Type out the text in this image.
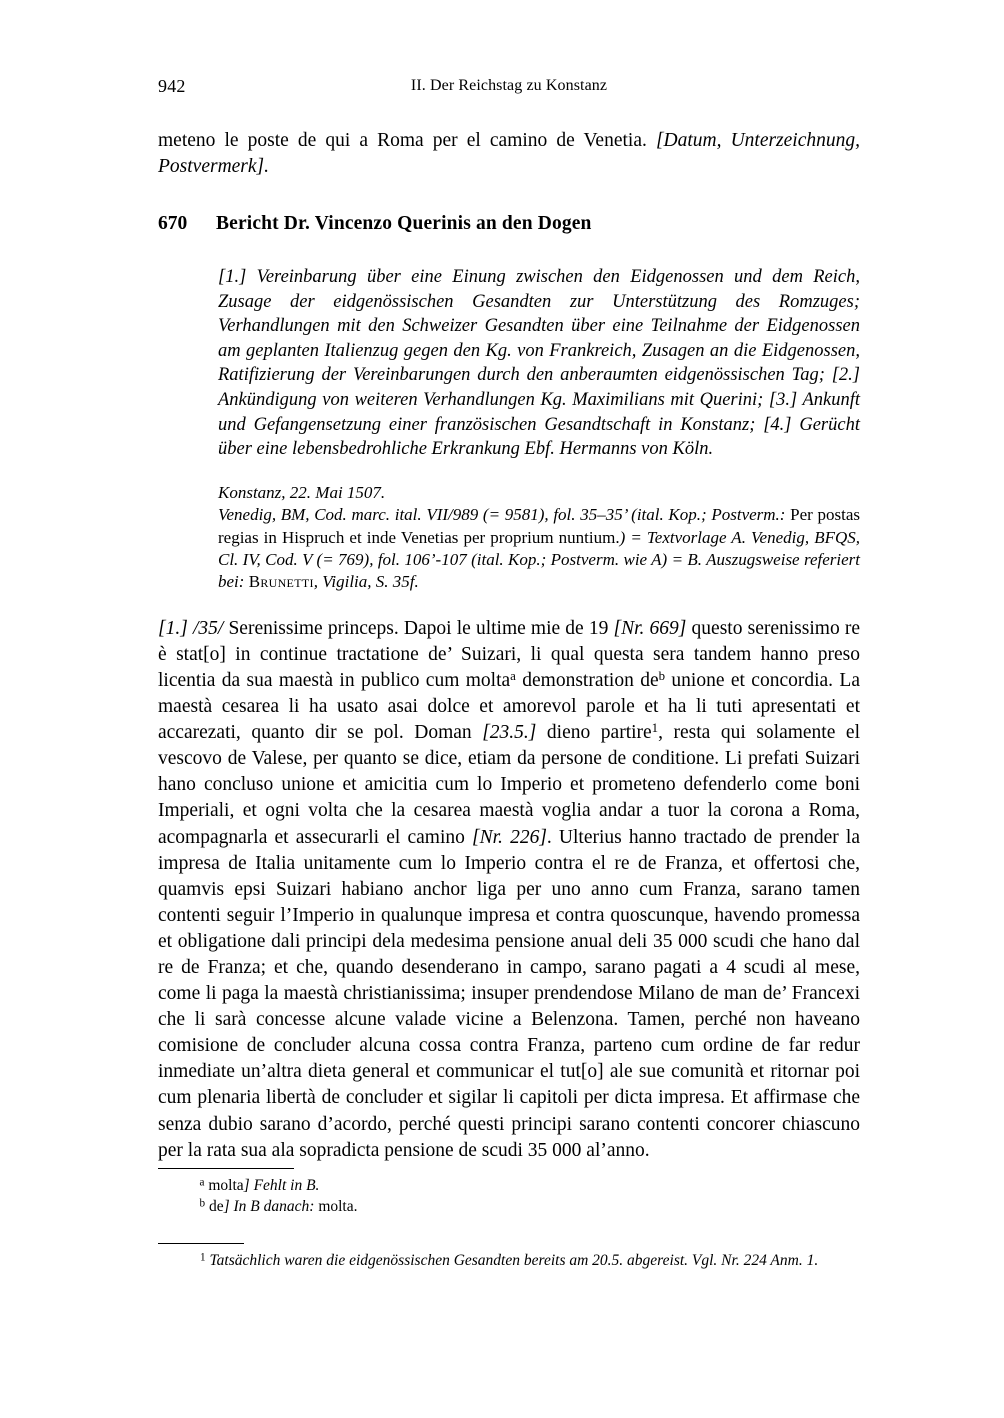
942	II. Der Reichstag zu Konstanz

meteno le poste de qui a Roma per el camino de Venetia. [Datum, Unterzeichnung, Postvermerk].

670 Bericht Dr. Vincenzo Querinis an den Dogen

[1.] Vereinbarung über eine Einung zwischen den Eidgenossen und dem Reich, Zusage der eidgenössischen Gesandten zur Unterstützung des Romzuges; Verhandlungen mit den Schweizer Gesandten über eine Teilnahme der Eidgenossen am geplanten Italienzug gegen den Kg. von Frankreich, Zusagen an die Eidgenossen, Ratifizierung der Vereinbarungen durch den anberaumten eidgenössischen Tag; [2.] Ankündigung von weiteren Verhandlungen Kg. Maximilians mit Querini; [3.] Ankunft und Gefangensetzung einer französischen Gesandtschaft in Konstanz; [4.] Gerücht über eine lebensbedrohliche Erkrankung Ebf. Hermanns von Köln.

Konstanz, 22. Mai 1507.

Venedig, BM, Cod. marc. ital. VII/989 (= 9581), fol. 35–35’ (ital. Kop.; Postverm.: Per postas regias in Hispruch et inde Venetias per proprium nuntium.) = Textvorlage A. Venedig, BFQS, Cl. IV, Cod. V (= 769), fol. 106’-107 (ital. Kop.; Postverm. wie A) = B. Auszugsweise referiert bei: Brunetti, Vigilia, S. 35f.

[1.] /35/ Serenissime princeps. Dapoi le ultime mie de 19 [Nr. 669] questo serenissimo re è stat[o] in continue tractatione de’ Suizari, li qual questa sera tandem hanno preso licentia da sua maestà in publico cum molta$^a$ demonstration $de^b$ unione et concordia. La maestà cesarea li ha usato asai dolce et amorevol parole et ha li tuti apresentati et accarezati, quanto dir se pol. Doman [23.5.] dieno partire$^1$, resta qui solamente el vescovo de Valese, per quanto se dice, etiam da persone de conditione. Li prefati Suizari hano concluso unione et amicitia cum lo Imperio et prometeno defenderlo come boni Imperiali, et ogni volta che la cesarea maestà voglia andar a tuor la corona a Roma, acompagnarla et assecurarli el camino [Nr. 226]. Ulterius hanno tractado de prender la impresa de Italia unitamente cum lo Imperio contra el re de Franza, et offertosi che, quamvis epsi Suizari habiano anchor liga per uno anno cum Franza, sarano tamen contenti seguir l’Imperio in qualunque impresa et contra quoscunque, havendo promessa et obligatione dali principi dela medesima pensione anual deli 35 000 scudi che hano dal re de Franza; et che, quando desenderano in campo, sarano pagati a 4 scudi al mese, come li paga la maestà christianissima; insuper prendendose Milano de man de’ Francexi che li sarà concesse alcune valade vicine a Belenzona. Tamen, perché non haveano comisione de concluder alcuna cossa contra Franza, parteno cum ordine de far redur inmediate un’altra dieta general et communicar el tut[o] ale sue comunità et ritornar poi cum plenaria libertà de concluder et sigilar li capitoli per dicta impresa. Et affirmase che senza dubio sarano d’acordo, perché questi principi sarano contenti concorer chiascuno per la rata sua ala sopradicta pensione de scudi 35 000 al’anno.

$^a$ molta] Fehlt in B.
$^b$ de] In B danach: molta.
$^1$ Tatsächlich waren die eidgenössischen Gesandten bereits am 20.5. abgereist. Vgl. Nr. 224 Anm. 1.
